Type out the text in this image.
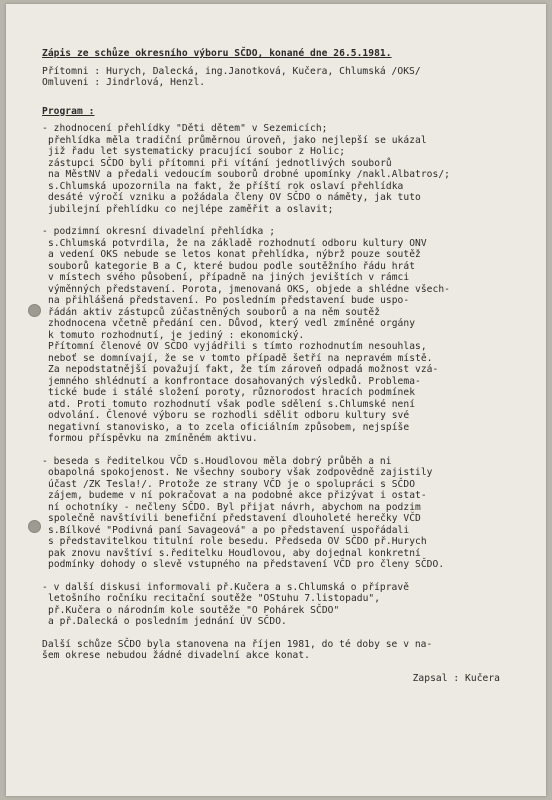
Zápis ze schůze okresního výboru SČDO, konané dne 26.5.1981.
Přítomni : Hurych, Dalecká, ing.Janotková, Kučera, Chlumská /OKS/
Omluveni : Jindrlová, Henzl.
Program :
- zhodnocení přehlídky "Děti dětem" v Sezemicích;
přehlídka měla tradiční průměrnou úroveň, jako nejlepší se ukázal
již řadu let systematicky pracující soubor z Holic;
zástupci SČDO byli přítomni při vítání jednotlivých souborů
na MěstNV a předali vedoucím souborů drobné upomínky /nakl.Albatros/;
s.Chlumská upozornila na fakt, že příští rok oslaví přehlídka
desáté výročí vzniku a požádala členy OV SČDO o náměty, jak tuto
jubilejní přehlídku co nejlépe zaměřit a oslavit;
- podzimní okresní divadelní přehlídka ;
s.Chlumská potvrdila, že na základě rozhodnutí odboru kultury ONV
a vedení OKS nebude se letos konat přehlídka, nýbrž pouze soutěž
souborů kategorie B a C, které budou podle soutěžního řádu hrát
v místech svého působení, případně na jiných jevištích v rámci
výměnných představení. Porota, jmenovaná OKS, objede a shlédne všech-
na přihlášená představení. Po posledním představení bude uspo-
řádán aktiv zástupců zúčastněných souborů a na něm soutěž
zhodnocena včetně předání cen. Důvod, který vedl zmíněné orgány
k tomuto rozhodnutí, je jediný : ekonomický.
Přítomní členové OV SČDO vyjádřili s tímto rozhodnutím nesouhlas,
neboť se domnívají, že se v tomto případě šetří na nepravém místě.
Za nepodstatnější považují fakt, že tím zároveň odpadá možnost vzá-
jemného shlédnutí a konfrontace dosahovaných výsledků. Problema-
tické bude i stálé složení poroty, různorodost hracích podmínek
atd. Proti tomuto rozhodnutí však podle sdělení s.Chlumské není
odvolání. Členové výboru se rozhodli sdělit odboru kultury své
negativní stanovisko, a to zcela oficiálním způsobem, nejspíše
formou příspěvku na zmíněném aktivu.
- beseda s ředitelkou VČD s.Houdlovou měla dobrý průběh a ni
obapolná spokojenost. Ne všechny soubory však zodpovědně zajistily
účast /ZK Tesla!/. Protože ze strany VČD je o spolupráci s SČDO
zájem, budeme v ní pokračovat a na podobné akce přizývat i ostat-
ní ochotníky - nečleny SČDO. Byl přijat návrh, abychom na podzim
společně navštívili benefiční představení dlouholeté herečky VČD
s.Bílkové "Podivná paní Savageová" a po představení uspořádali
s představitelkou titulní role besedu. Předseda OV SČDO př.Hurych
pak znovu navštíví s.ředitelku Houdlovou, aby dojednal konkretní
podmínky dohody o slevě vstupného na představení VČD pro členy SČDO.
- v další diskusi informovali př.Kučera a s.Chlumská o přípravě
letošního ročníku recitační soutěže "OStuhu 7.listopadu",
př.Kučera o národním kole soutěže "O Pohárek SČDO"
a př.Dalecká o posledním jednání ÚV SČDO.
Další schůze SČDO byla stanovena na říjen 1981, do té doby se v na-
šem okrese nebudou žádné divadelní akce konat.
Zapsal : Kučera
